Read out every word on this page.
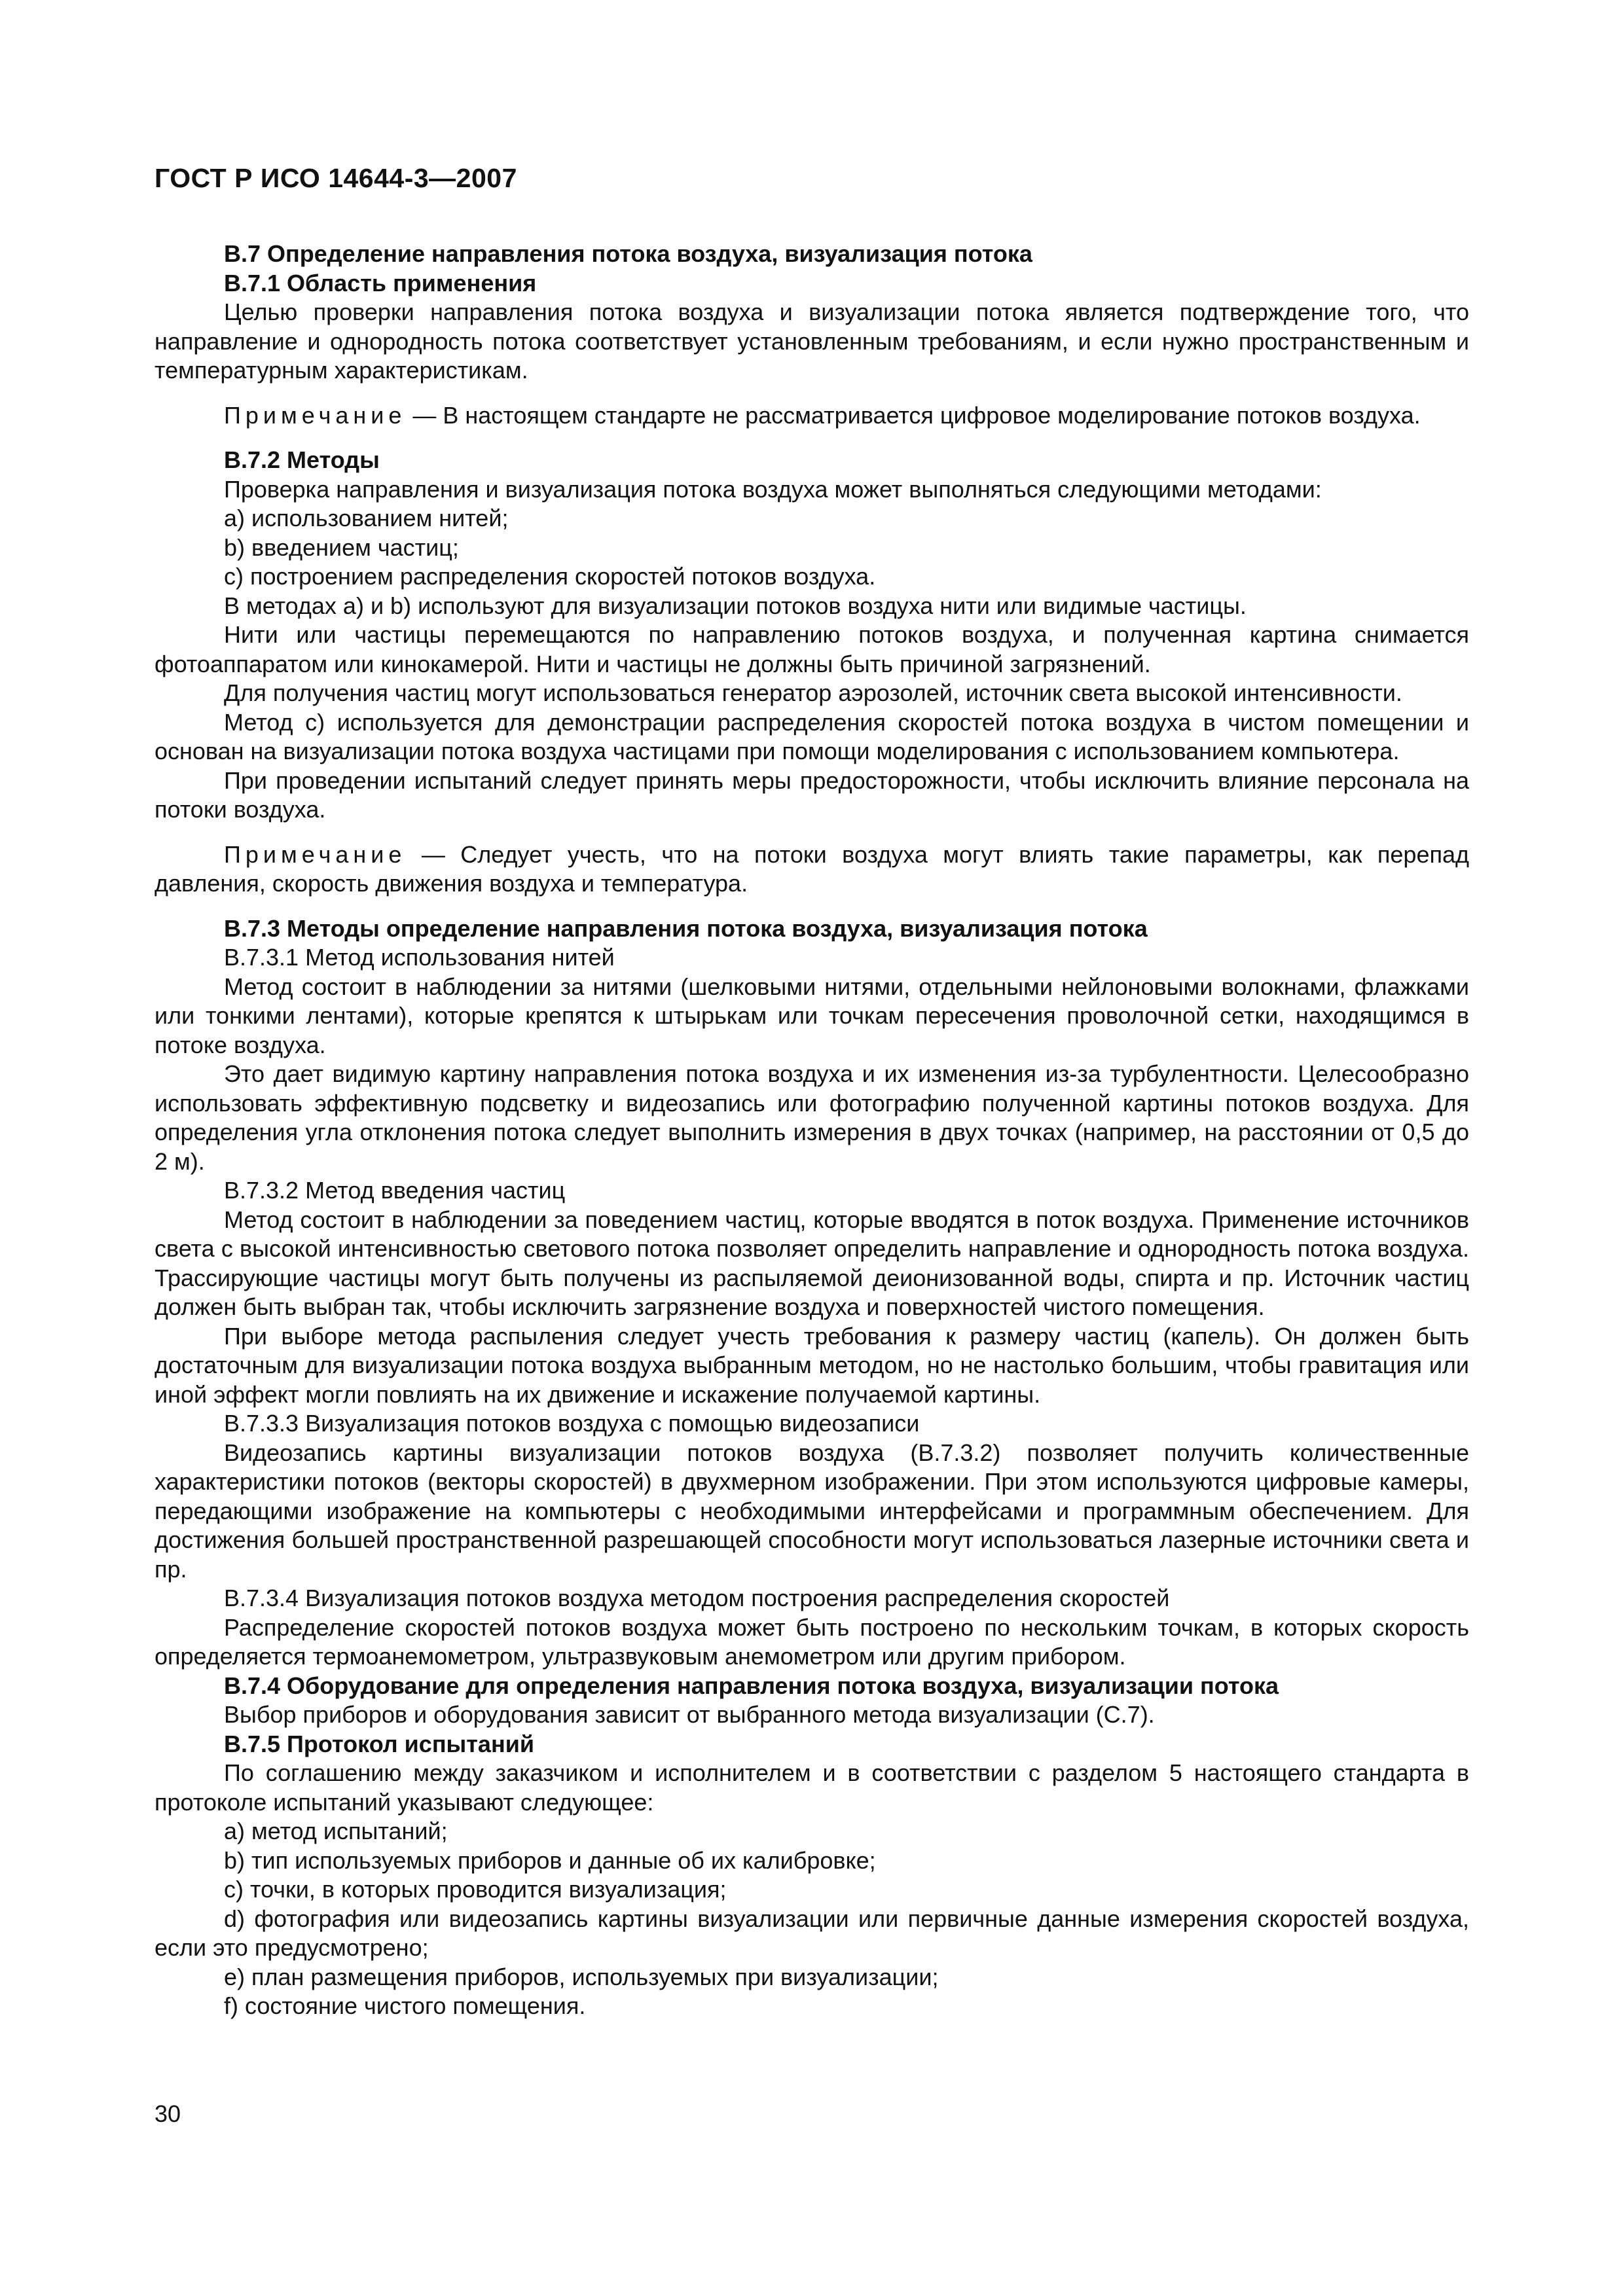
ГОСТ Р ИСО 14644-3—2007

B.7 Определение направления потока воздуха, визуализация потока

B.7.1 Область применения

Целью проверки направления потока воздуха и визуализации потока является подтверждение того, что направление и однородность потока соответствует установленным требованиям, и если нужно пространственным и температурным характеристикам.

Примечание — В настоящем стандарте не рассматривается цифровое моделирование потоков воздуха.

B.7.2 Методы

Проверка направления и визуализация потока воздуха может выполняться следующими методами:

a) использованием нитей;

b) введением частиц;

c) построением распределения скоростей потоков воздуха.

В методах а) и b) используют для визуализации потоков воздуха нити или видимые частицы.

Нити или частицы перемещаются по направлению потоков воздуха, и полученная картина снимается фотоаппаратом или кинокамерой. Нити и частицы не должны быть причиной загрязнений.

Для получения частиц могут использоваться генератор аэрозолей, источник света высокой интенсивности.

Метод с) используется для демонстрации распределения скоростей потока воздуха в чистом помещении и основан на визуализации потока воздуха частицами при помощи моделирования с использованием компьютера.

При проведении испытаний следует принять меры предосторожности, чтобы исключить влияние персонала на потоки воздуха.

Примечание — Следует учесть, что на потоки воздуха могут влиять такие параметры, как перепад давления, скорость движения воздуха и температура.

B.7.3 Методы определение направления потока воздуха, визуализация потока

B.7.3.1 Метод использования нитей

Метод состоит в наблюдении за нитями (шелковыми нитями, отдельными нейлоновыми волокнами, флажками или тонкими лентами), которые крепятся к штырькам или точкам пересечения проволочной сетки, находящимся в потоке воздуха.

Это дает видимую картину направления потока воздуха и их изменения из-за турбулентности. Целесообразно использовать эффективную подсветку и видеозапись или фотографию полученной картины потоков воздуха. Для определения угла отклонения потока следует выполнить измерения в двух точках (например, на расстоянии от 0,5 до 2 м).

B.7.3.2 Метод введения частиц

Метод состоит в наблюдении за поведением частиц, которые вводятся в поток воздуха. Применение источников света с высокой интенсивностью светового потока позволяет определить направление и однородность потока воздуха. Трассирующие частицы могут быть получены из распыляемой деионизованной воды, спирта и пр. Источник частиц должен быть выбран так, чтобы исключить загрязнение воздуха и поверхностей чистого помещения.

При выборе метода распыления следует учесть требования к размеру частиц (капель). Он должен быть достаточным для визуализации потока воздуха выбранным методом, но не настолько большим, чтобы гравитация или иной эффект могли повлиять на их движение и искажение получаемой картины.

B.7.3.3 Визуализация потоков воздуха с помощью видеозаписи

Видеозапись картины визуализации потоков воздуха (B.7.3.2) позволяет получить количественные характеристики потоков (векторы скоростей) в двухмерном изображении. При этом используются цифровые камеры, передающими изображение на компьютеры с необходимыми интерфейсами и программным обеспечением. Для достижения большей пространственной разрешающей способности могут использоваться лазерные источники света и пр.

B.7.3.4 Визуализация потоков воздуха методом построения распределения скоростей

Распределение скоростей потоков воздуха может быть построено по нескольким точкам, в которых скорость определяется термоанемометром, ультразвуковым анемометром или другим прибором.

B.7.4 Оборудование для определения направления потока воздуха, визуализации потока

Выбор приборов и оборудования зависит от выбранного метода визуализации (С.7).

B.7.5 Протокол испытаний

По соглашению между заказчиком и исполнителем и в соответствии с разделом 5 настоящего стандарта в протоколе испытаний указывают следующее:

a) метод испытаний;

b) тип используемых приборов и данные об их калибровке;

c) точки, в которых проводится визуализация;

d) фотография или видеозапись картины визуализации или первичные данные измерения скоростей воздуха, если это предусмотрено;

e) план размещения приборов, используемых при визуализации;

f) состояние чистого помещения.

30
